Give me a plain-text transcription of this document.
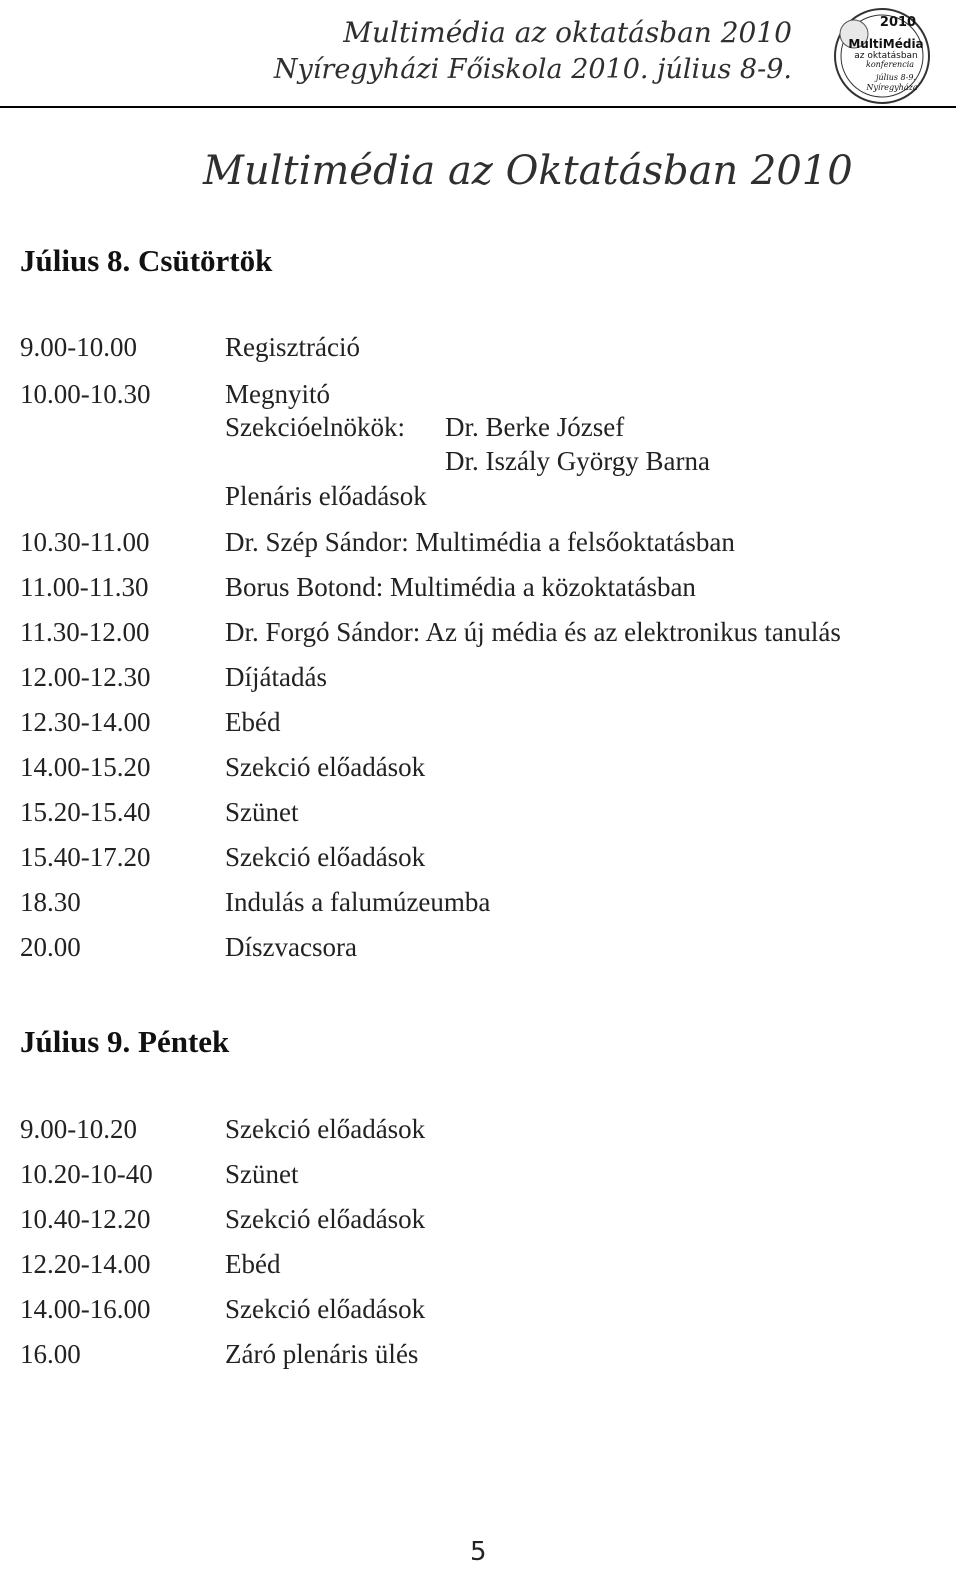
Multimédia az oktatásban 2010
Nyíregyházi Főiskola 2010. július 8-9.
2010
MultiMédia
az oktatásban
konferencia
július 8-9.
Nyíregyháza
Multimédia az Oktatásban 2010
Július 8. Csütörtök
9.00-10.00	Regisztráció
10.00-10.30	Megnyitó
Szekcióelnökök: Dr. Berke József
Dr. Iszály György Barna
Plenáris előadások
10.30-11.00	Dr. Szép Sándor: Multimédia a felsőoktatásban
11.00-11.30	Borus Botond: Multimédia a közoktatásban
11.30-12.00	Dr. Forgó Sándor: Az új média és az elektronikus tanulás
12.00-12.30	Díjátadás
12.30-14.00	Ebéd
14.00-15.20	Szekció előadások
15.20-15.40	Szünet
15.40-17.20	Szekció előadások
18.30	Indulás a falumúzeumba
20.00	Díszvacsora
Július 9. Péntek
9.00-10.20	Szekció előadások
10.20-10-40	Szünet
10.40-12.20	Szekció előadások
12.20-14.00	Ebéd
14.00-16.00	Szekció előadások
16.00	Záró plenáris ülés
5
